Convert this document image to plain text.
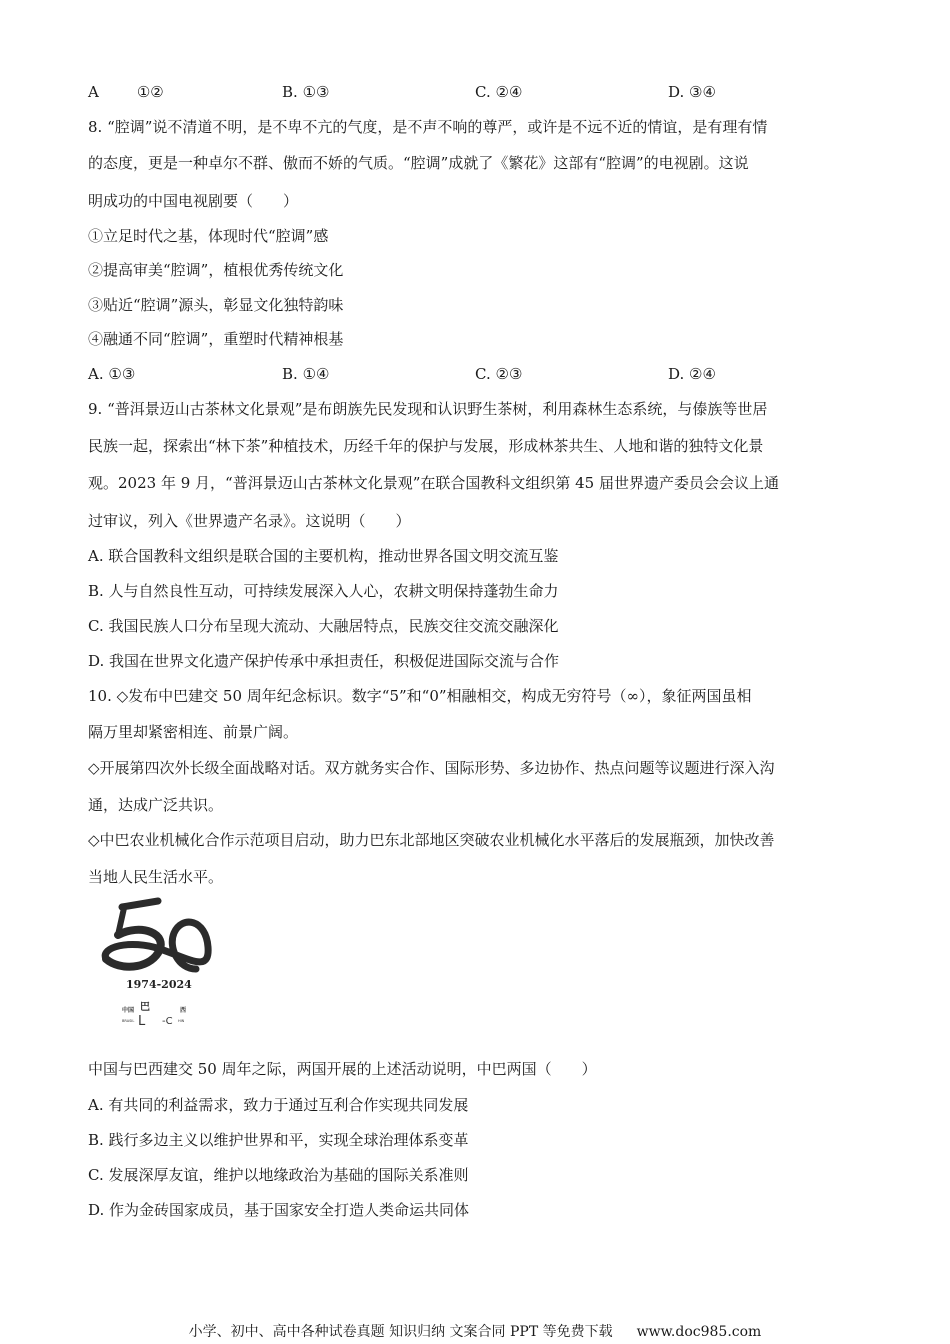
A	①②	B. ①③	C. ②④	D. ③④
8. “腔调”说不清道不明，是不卑不亢的气度，是不声不响的尊严，或许是不远不近的情谊，是有理有情
的态度，更是一种卓尔不群、傲而不娇的气质。“腔调”成就了《繁花》这部有“腔调”的电视剧。这说
明成功的中国电视剧要（　　）
①立足时代之基，体现时代“腔调”感
②提高审美“腔调”，植根优秀传统文化
③贴近“腔调”源头，彰显文化独特韵味
④融通不同“腔调”，重塑时代精神根基
A. ①③	B. ①④	C. ②③	D. ②④
9. “普洱景迈山古茶林文化景观”是布朗族先民发现和认识野生茶树，利用森林生态系统，与傣族等世居
民族一起，探索出“林下茶”种植技术，历经千年的保护与发展，形成林茶共生、人地和谐的独特文化景
观。2023 年 9 月，“普洱景迈山古茶林文化景观”在联合国教科文组织第 45 届世界遗产委员会会议上通
过审议，列入《世界遗产名录》。这说明（　　）
A. 联合国教科文组织是联合国的主要机构，推动世界各国文明交流互鉴
B. 人与自然良性互动，可持续发展深入人心，农耕文明保持蓬勃生命力
C. 我国民族人口分布呈现大流动、大融居特点，民族交往交流交融深化
D. 我国在世界文化遗产保护传承中承担责任，积极促进国际交流与合作
10. ◇发布中巴建交 50 周年纪念标识。数字“5”和“0”相融相交，构成无穷符号（∞），象征两国虽相
隔万里却紧密相连、前景广阔。
◇开展第四次外长级全面战略对话。双方就务实合作、国际形势、多边协作、热点问题等议题进行深入沟
通，达成广泛共识。
◇中巴农业机械化合作示范项目启动，助力巴东北部地区突破农业机械化水平落后的发展瓶颈，加快改善
当地人民生活水平。
1974-2024
中国 巴	西
BRASIL L -C HIN
中国与巴西建交 50 周年之际，两国开展的上述活动说明，中巴两国（　　）
A. 有共同的利益需求，致力于通过互利合作实现共同发展
B. 践行多边主义以维护世界和平，实现全球治理体系变革
C. 发展深厚友谊，维护以地缘政治为基础的国际关系准则
D. 作为金砖国家成员，基于国家安全打造人类命运共同体
小学、初中、高中各种试卷真题 知识归纳 文案合同 PPT 等免费下载 www.doc985.com
